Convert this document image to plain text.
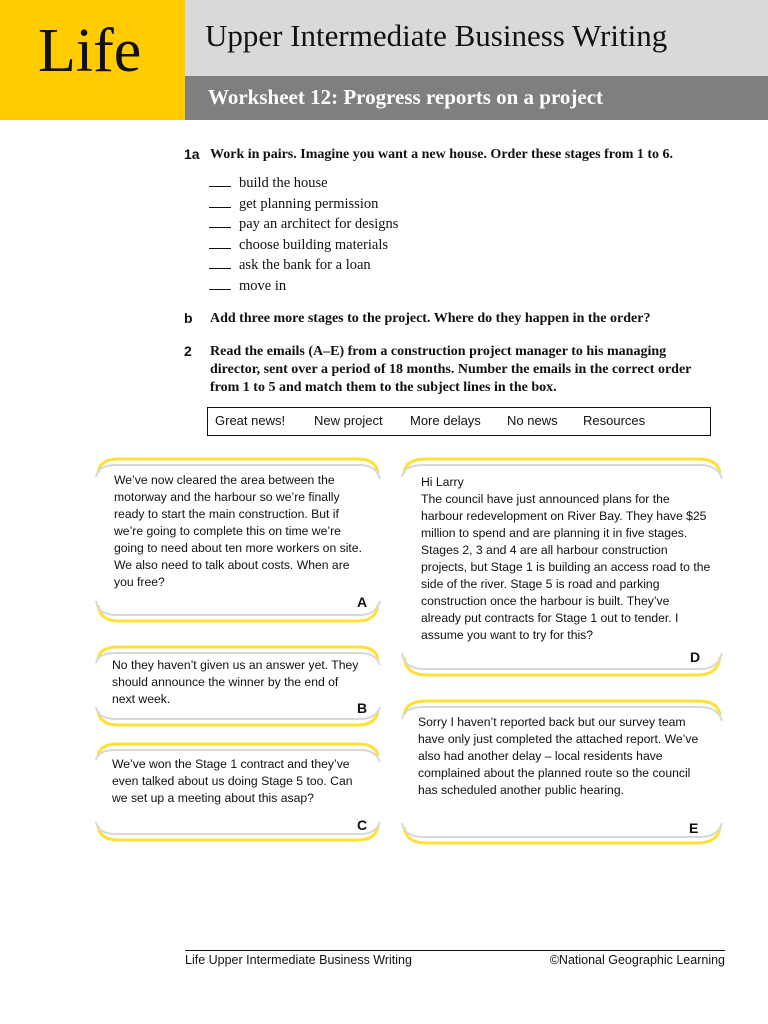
Life Upper Intermediate Business Writing
Worksheet 12: Progress reports on a project
1a Work in pairs. Imagine you want a new house. Order these stages from 1 to 6.
build the house
get planning permission
pay an architect for designs
choose building materials
ask the bank for a loan
move in
b Add three more stages to the project. Where do they happen in the order?
2 Read the emails (A–E) from a construction project manager to his managing director, sent over a period of 18 months. Number the emails in the correct order from 1 to 5 and match them to the subject lines in the box.
Great news! New project More delays No news Resources
We’ve now cleared the area between the motorway and the harbour so we’re finally ready to start the main construction. But if we’re going to complete this on time we’re going to need about ten more workers on site. We also need to talk about costs. When are you free?
A
No they haven’t given us an answer yet. They should announce the winner by the end of next week.
B
We’ve won the Stage 1 contract and they’ve even talked about us doing Stage 5 too. Can we set up a meeting about this asap?
C
Hi Larry
The council have just announced plans for the harbour redevelopment on River Bay. They have $25 million to spend and are planning it in five stages. Stages 2, 3 and 4 are all harbour construction projects, but Stage 1 is building an access road to the side of the river. Stage 5 is road and parking construction once the harbour is built. They’ve already put contracts for Stage 1 out to tender. I assume you want to try for this?
D
Sorry I haven’t reported back but our survey team have only just completed the attached report. We’ve also had another delay – local residents have complained about the planned route so the council has scheduled another public hearing.
E
Life Upper Intermediate Business Writing	©National Geographic Learning
